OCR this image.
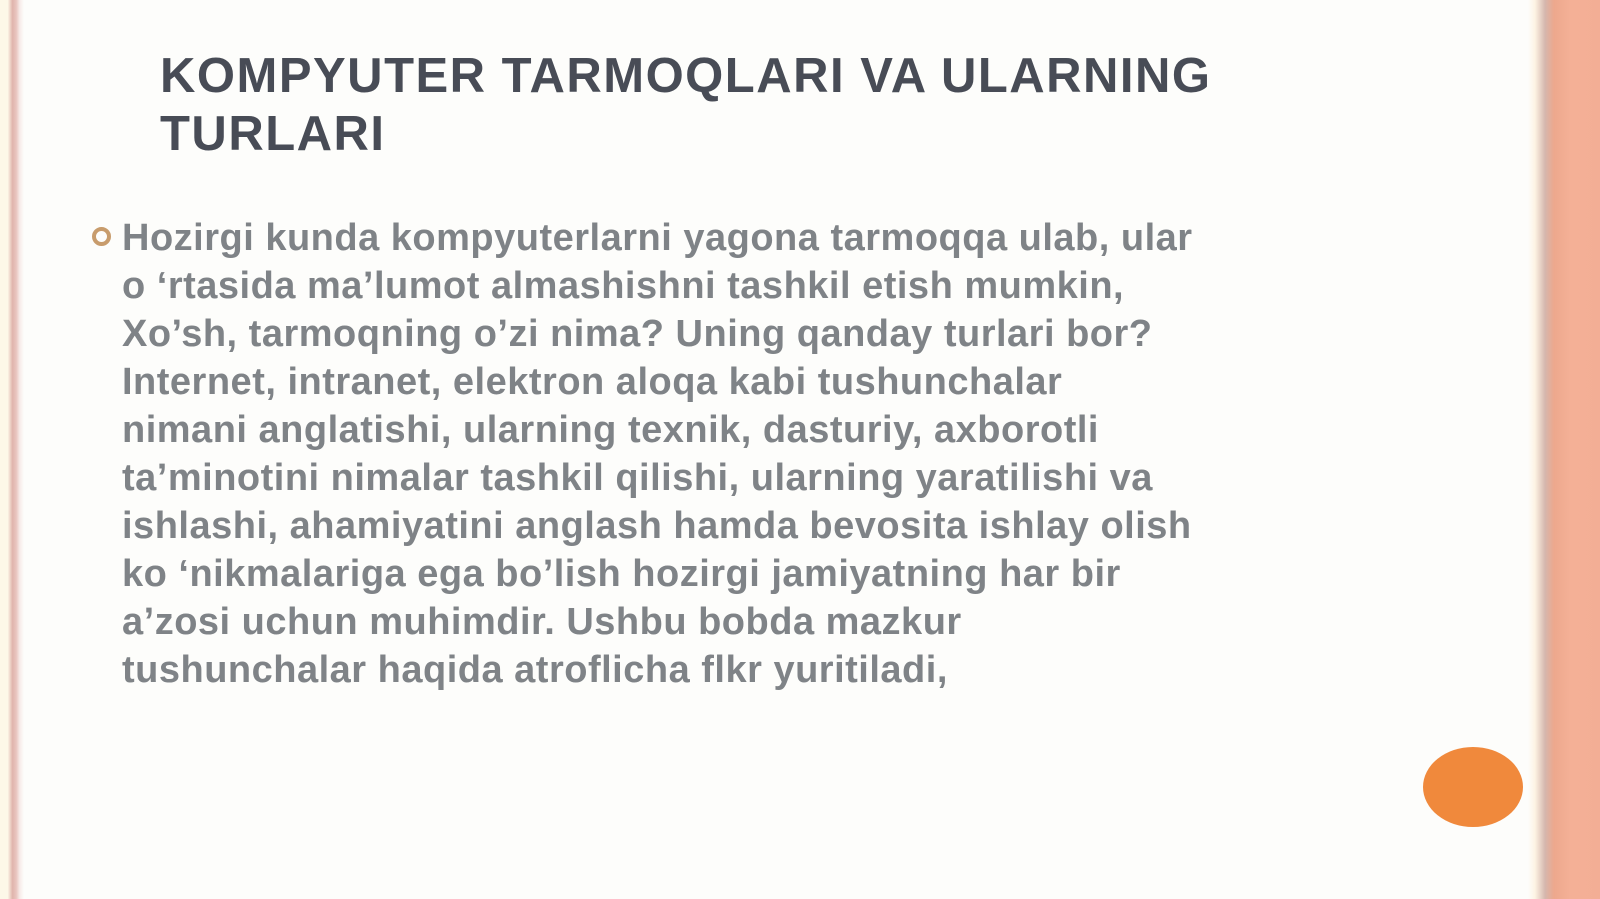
KOMPYUTER TARMOQLARI VA ULARNING
TURLARI
Hozirgi kunda kompyuterlarni yagona tarmoqqa ulab, ular
o ‘rtasida ma’lumot almashishni tashkil etish mumkin,
Xo’sh, tarmoqning o’zi nima? Uning qanday turlari bor?
Internet, intranet, elektron aloqa kabi tushunchalar
nimani anglatishi, ularning texnik, dasturiy, axborotli
ta’minotini nimalar tashkil qilishi, ularning yaratilishi va
ishlashi, ahamiyatini anglash hamda bevosita ishlay olish
ko ‘nikmalariga ega bo’lish hozirgi jamiyatning har bir
a’zosi uchun muhimdir. Ushbu bobda mazkur
tushunchalar haqida atroflicha flkr yuritiladi,
